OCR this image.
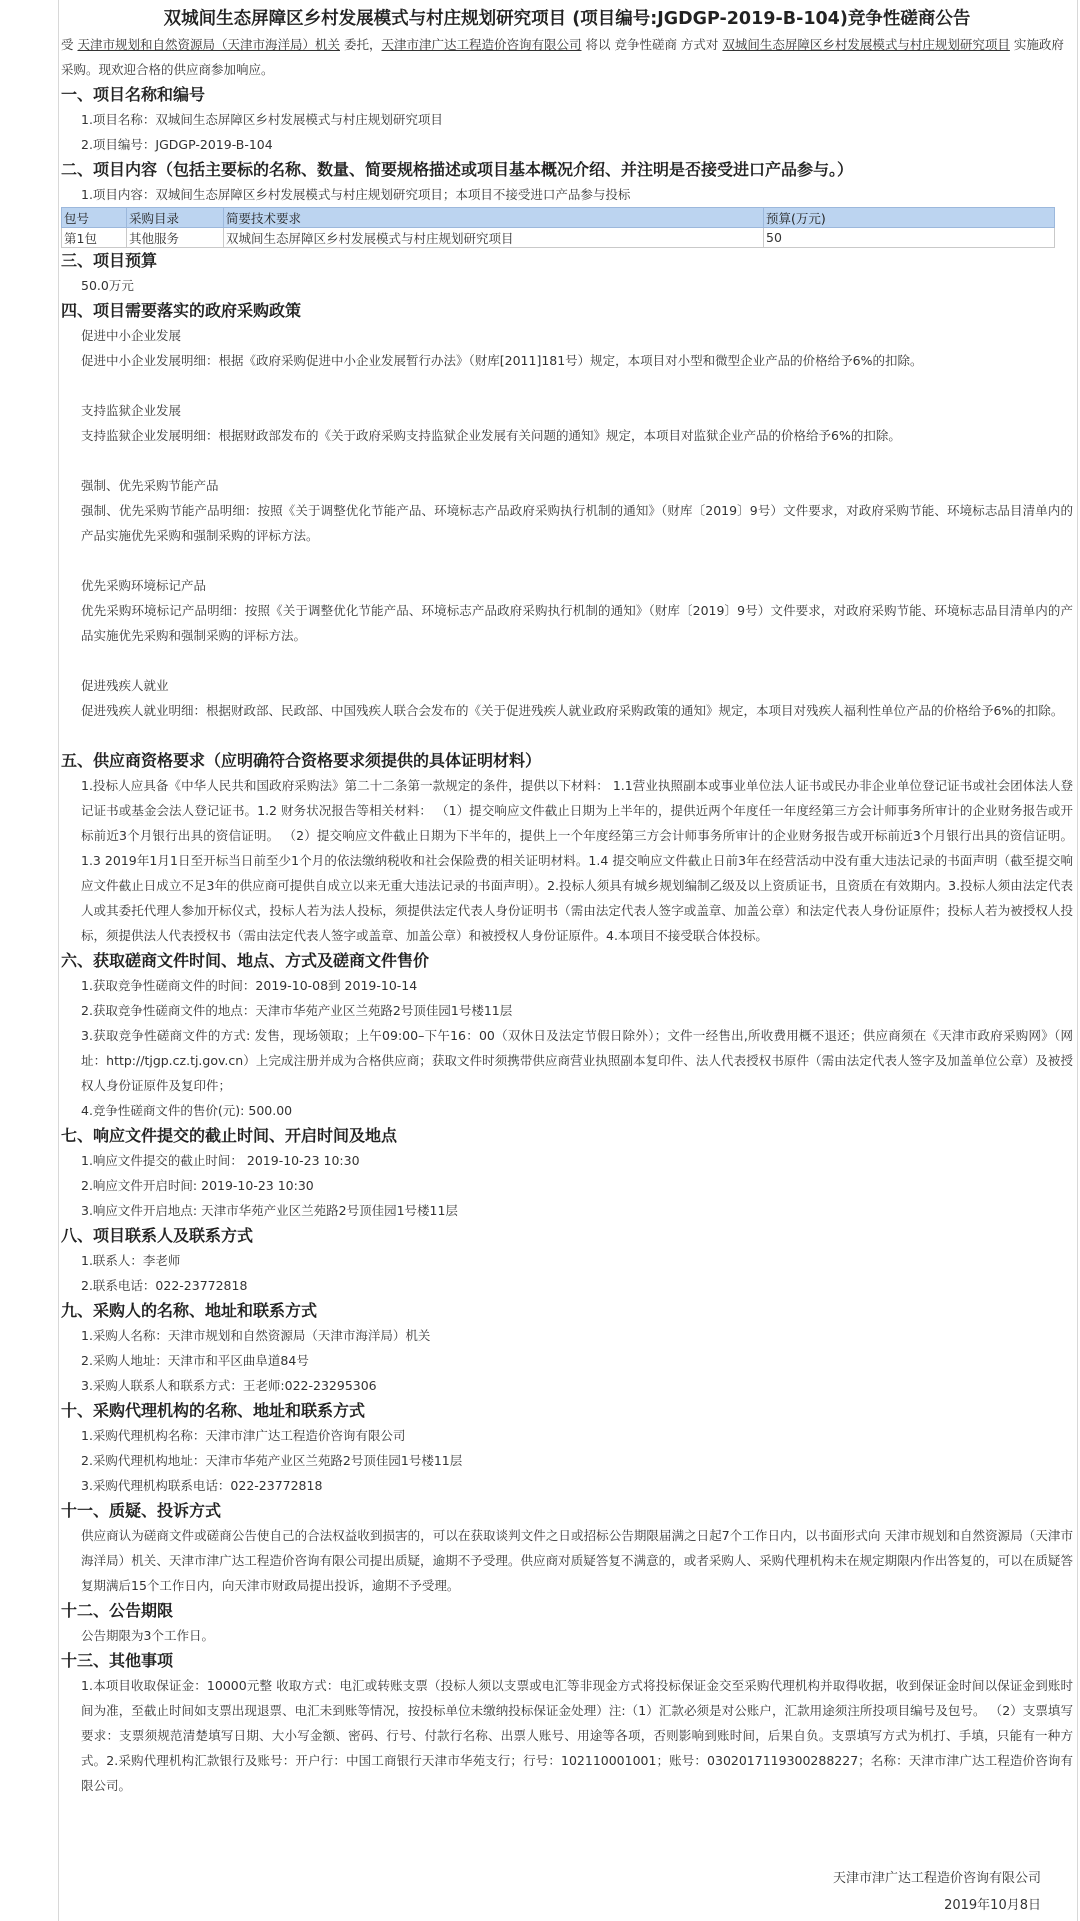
双城间生态屏障区乡村发展模式与村庄规划研究项目 (项目编号:JGDGP-2019-B-104)竞争性磋商公告

受 天津市规划和自然资源局（天津市海洋局）机关 委托，天津市津广达工程造价咨询有限公司 将以 竞争性磋商 方式对 双城间生态屏障区乡村发展模式与村庄规划研究项目 实施政府采购。现欢迎合格的供应商参加响应。

一、项目名称和编号

1.项目名称：双城间生态屏障区乡村发展模式与村庄规划研究项目

2.项目编号：JGDGP-2019-B-104

二、项目内容（包括主要标的名称、数量、简要规格描述或项目基本概况介绍、并注明是否接受进口产品参与。）

1.项目内容：双城间生态屏障区乡村发展模式与村庄规划研究项目；本项目不接受进口产品参与投标

包号	采购目录	简要技术要求	预算(万元)
第1包	其他服务	双城间生态屏障区乡村发展模式与村庄规划研究项目	50
三、项目预算

50.0万元

四、项目需要落实的政府采购政策

促进中小企业发展

促进中小企业发展明细：根据《政府采购促进中小企业发展暂行办法》（财库[2011]181号）规定，本项目对小型和微型企业产品的价格给予6%的扣除。

支持监狱企业发展

支持监狱企业发展明细：根据财政部发布的《关于政府采购支持监狱企业发展有关问题的通知》规定，本项目对监狱企业产品的价格给予6%的扣除。

强制、优先采购节能产品

强制、优先采购节能产品明细：按照《关于调整优化节能产品、环境标志产品政府采购执行机制的通知》（财库〔2019〕9号）文件要求，对政府采购节能、环境标志品目清单内的产品实施优先采购和强制采购的评标方法。

优先采购环境标记产品

优先采购环境标记产品明细：按照《关于调整优化节能产品、环境标志产品政府采购执行机制的通知》（财库〔2019〕9号）文件要求，对政府采购节能、环境标志品目清单内的产品实施优先采购和强制采购的评标方法。

促进残疾人就业

促进残疾人就业明细：根据财政部、民政部、中国残疾人联合会发布的《关于促进残疾人就业政府采购政策的通知》规定，本项目对残疾人福利性单位产品的价格给予6%的扣除。

五、供应商资格要求（应明确符合资格要求须提供的具体证明材料）

1.投标人应具备《中华人民共和国政府采购法》第二十二条第一款规定的条件，提供以下材料： 1.1营业执照副本或事业单位法人证书或民办非企业单位登记证书或社会团体法人登记证书或基金会法人登记证书。1.2 财务状况报告等相关材料： （1）提交响应文件截止日期为上半年的，提供近两个年度任一年度经第三方会计师事务所审计的企业财务报告或开标前近3个月银行出具的资信证明。 （2）提交响应文件截止日期为下半年的，提供上一个年度经第三方会计师事务所审计的企业财务报告或开标前近3个月银行出具的资信证明。1.3 2019年1月1日至开标当日前至少1个月的依法缴纳税收和社会保险费的相关证明材料。1.4 提交响应文件截止日前3年在经营活动中没有重大违法记录的书面声明（截至提交响应文件截止日成立不足3年的供应商可提供自成立以来无重大违法记录的书面声明）。2.投标人须具有城乡规划编制乙级及以上资质证书，且资质在有效期内。3.投标人须由法定代表人或其委托代理人参加开标仪式，投标人若为法人投标，须提供法定代表人身份证明书（需由法定代表人签字或盖章、加盖公章）和法定代表人身份证原件；投标人若为被授权人投标，须提供法人代表授权书（需由法定代表人签字或盖章、加盖公章）和被授权人身份证原件。4.本项目不接受联合体投标。

六、获取磋商文件时间、地点、方式及磋商文件售价

1.获取竞争性磋商文件的时间：2019-10-08到 2019-10-14

2.获取竞争性磋商文件的地点：天津市华苑产业区兰苑路2号顶佳园1号楼11层

3.获取竞争性磋商文件的方式: 发售，现场领取；上午09:00–下午16：00（双休日及法定节假日除外）；文件一经售出,所收费用概不退还；供应商须在《天津市政府采购网》（网址：http://tjgp.cz.tj.gov.cn）上完成注册并成为合格供应商；获取文件时须携带供应商营业执照副本复印件、法人代表授权书原件（需由法定代表人签字及加盖单位公章）及被授权人身份证原件及复印件；

4.竞争性磋商文件的售价(元): 500.00

七、响应文件提交的截止时间、开启时间及地点

1.响应文件提交的截止时间： 2019-10-23 10:30

2.响应文件开启时间: 2019-10-23 10:30

3.响应文件开启地点: 天津市华苑产业区兰苑路2号顶佳园1号楼11层

八、项目联系人及联系方式

1.联系人：李老师

2.联系电话：022-23772818

九、采购人的名称、地址和联系方式

1.采购人名称：天津市规划和自然资源局（天津市海洋局）机关

2.采购人地址：天津市和平区曲阜道84号

3.采购人联系人和联系方式：王老师:022-23295306

十、采购代理机构的名称、地址和联系方式

1.采购代理机构名称：天津市津广达工程造价咨询有限公司

2.采购代理机构地址：天津市华苑产业区兰苑路2号顶佳园1号楼11层

3.采购代理机构联系电话：022-23772818

十一、质疑、投诉方式

供应商认为磋商文件或磋商公告使自己的合法权益收到损害的，可以在获取谈判文件之日或招标公告期限届满之日起7个工作日内，以书面形式向 天津市规划和自然资源局（天津市海洋局）机关、天津市津广达工程造价咨询有限公司提出质疑，逾期不予受理。供应商对质疑答复不满意的，或者采购人、采购代理机构未在规定期限内作出答复的，可以在质疑答复期满后15个工作日内，向天津市财政局提出投诉，逾期不予受理。

十二、公告期限

公告期限为3个工作日。

十三、其他事项

1.本项目收取保证金：10000元整 收取方式：电汇或转账支票（投标人须以支票或电汇等非现金方式将投标保证金交至采购代理机构并取得收据，收到保证金时间以保证金到账时间为准，至截止时间如支票出现退票、电汇未到账等情况，按投标单位未缴纳投标保证金处理）注:（1）汇款必须是对公账户，汇款用途须注所投项目编号及包号。 （2）支票填写要求：支票须规范清楚填写日期、大小写金额、密码、行号、付款行名称、出票人账号、用途等各项，否则影响到账时间，后果自负。支票填写方式为机打、手填，只能有一种方式。2.采购代理机构汇款银行及账号：开户行：中国工商银行天津市华苑支行；行号：102110001001；账号：0302017119300288227；名称：天津市津广达工程造价咨询有限公司。

天津市津广达工程造价咨询有限公司
2019年10月8日
